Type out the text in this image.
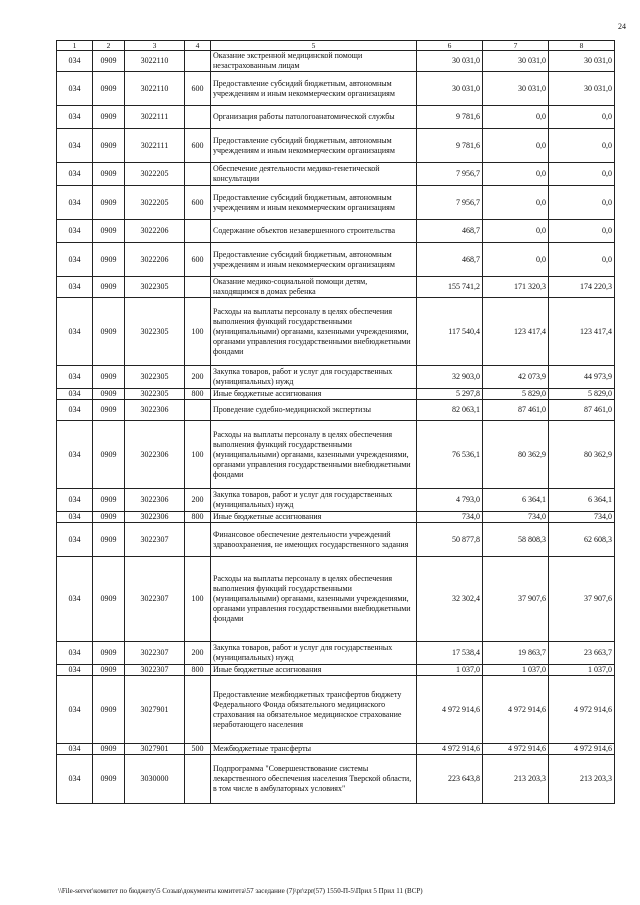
24
1	2	3	4	5	6	7	8
034	0909	3022110		Оказание экстренной медицинской помощи незастрахованным лицам	30 031,0	30 031,0	30 031,0
034	0909	3022110	600	Предоставление субсидий бюджетным, автономным учреждениям и иным некоммерческим организациям	30 031,0	30 031,0	30 031,0
034	0909	3022111		Организация работы патологоанатомической службы	9 781,6	0,0	0,0
034	0909	3022111	600	Предоставление субсидий бюджетным, автономным учреждениям и иным некоммерческим организациям	9 781,6	0,0	0,0
034	0909	3022205		Обеспечение деятельности медико-генетической консультации	7 956,7	0,0	0,0
034	0909	3022205	600	Предоставление субсидий бюджетным, автономным учреждениям и иным некоммерческим организациям	7 956,7	0,0	0,0
034	0909	3022206		Содержание объектов незавершенного строительства	468,7	0,0	0,0
034	0909	3022206	600	Предоставление субсидий бюджетным, автономным учреждениям и иным некоммерческим организациям	468,7	0,0	0,0
034	0909	3022305		Оказание медико-социальной помощи детям, находящимся в домах ребенка	155 741,2	171 320,3	174 220,3
034	0909	3022305	100	Расходы на выплаты персоналу в целях обеспечения выполнения функций государственными (муниципальными) органами, казенными учреждениями, органами управления государственными внебюджетными фондами	117 540,4	123 417,4	123 417,4
034	0909	3022305	200	Закупка товаров, работ и услуг для государственных (муниципальных) нужд	32 903,0	42 073,9	44 973,9
034	0909	3022305	800	Иные бюджетные ассигнования	5 297,8	5 829,0	5 829,0
034	0909	3022306		Проведение судебно-медицинской экспертизы	82 063,1	87 461,0	87 461,0
034	0909	3022306	100	Расходы на выплаты персоналу в целях обеспечения выполнения функций государственными (муниципальными) органами, казенными учреждениями, органами управления государственными внебюджетными фондами	76 536,1	80 362,9	80 362,9
034	0909	3022306	200	Закупка товаров, работ и услуг для государственных (муниципальных) нужд	4 793,0	6 364,1	6 364,1
034	0909	3022306	800	Иные бюджетные ассигнования	734,0	734,0	734,0
034	0909	3022307		Финансовое обеспечение деятельности учреждений здравоохранения, не имеющих государственного задания	50 877,8	58 808,3	62 608,3
034	0909	3022307	100	Расходы на выплаты персоналу в целях обеспечения выполнения функций государственными (муниципальными) органами, казенными учреждениями, органами управления государственными внебюджетными фондами	32 302,4	37 907,6	37 907,6
034	0909	3022307	200	Закупка товаров, работ и услуг для государственных (муниципальных) нужд	17 538,4	19 863,7	23 663,7
034	0909	3022307	800	Иные бюджетные ассигнования	1 037,0	1 037,0	1 037,0
034	0909	3027901		Предоставление межбюджетных трансфертов бюджету Федерального Фонда обязательного медицинского страхования на обязательное медицинское страхование неработающего населения	4 972 914,6	4 972 914,6	4 972 914,6
034	0909	3027901	500	Межбюджетные трансферты	4 972 914,6	4 972 914,6	4 972 914,6
034	0909	3030000		Подпрограмма "Совершенствование системы лекарственного обеспечения населения Тверской области, в том числе в амбулаторных условиях"	223 643,8	213 203,3	213 203,3
\\File-server\комитет по бюджету\5 Созыв\документы комитета\57 заседание (7)\pr\zpr(57) 1550-П-5\Прил 5 Прил 11 (ВСР)
